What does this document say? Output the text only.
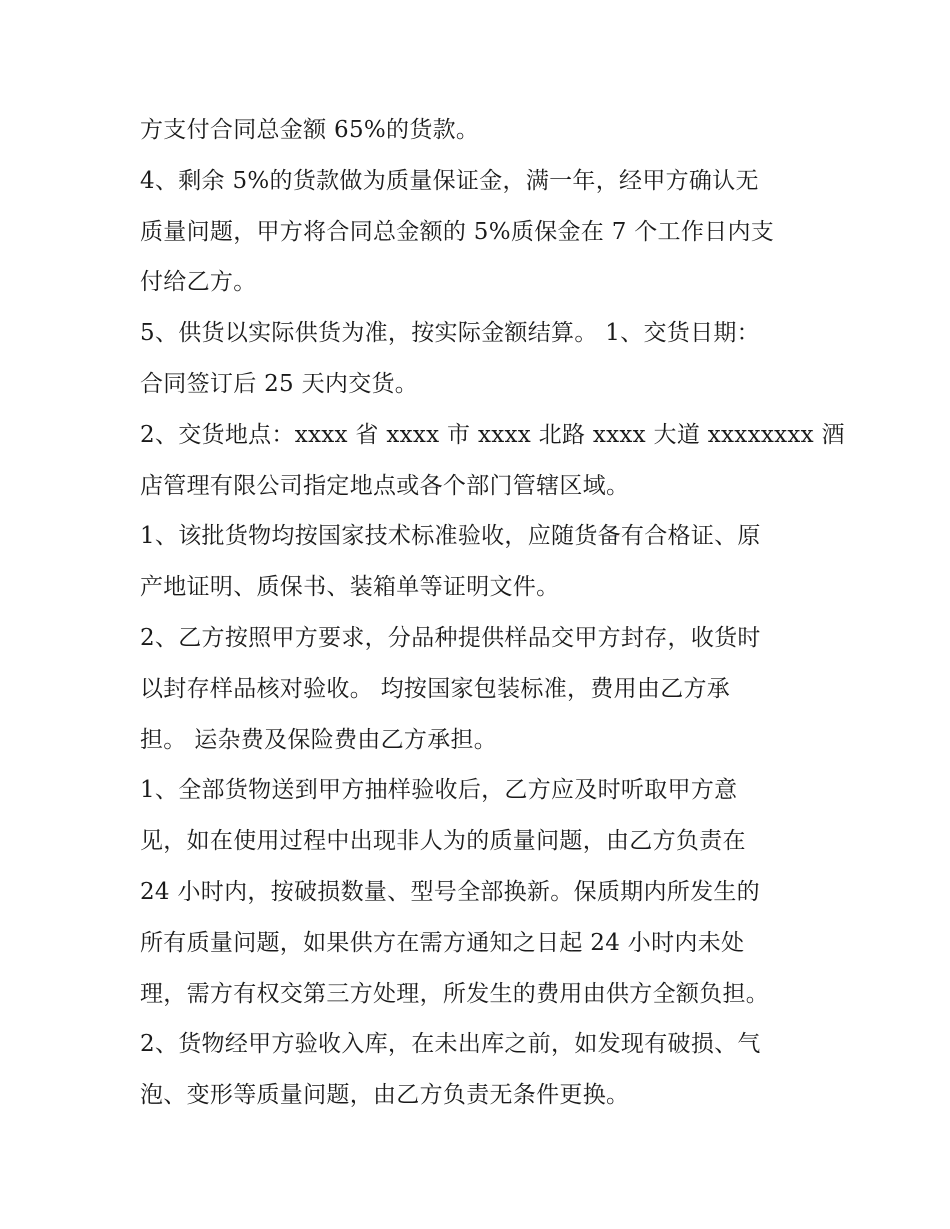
方支付合同总金额 65%的货款。
4、剩余 5%的货款做为质量保证金，满一年，经甲方确认无
质量问题，甲方将合同总金额的 5%质保金在 7 个工作日内支
付给乙方。
5、供货以实际供货为准，按实际金额结算。 1、交货日期：
合同签订后 25 天内交货。
2、交货地点：xxxx 省 xxxx 市 xxxx 北路 xxxx 大道 xxxxxxxx 酒
店管理有限公司指定地点或各个部门管辖区域。
1、该批货物均按国家技术标准验收，应随货备有合格证、原
产地证明、质保书、装箱单等证明文件。
2、乙方按照甲方要求，分品种提供样品交甲方封存，收货时
以封存样品核对验收。 均按国家包装标准，费用由乙方承
担。 运杂费及保险费由乙方承担。
1、全部货物送到甲方抽样验收后，乙方应及时听取甲方意
见，如在使用过程中出现非人为的质量问题，由乙方负责在
24 小时内，按破损数量、型号全部换新。保质期内所发生的
所有质量问题，如果供方在需方通知之日起 24 小时内未处
理，需方有权交第三方处理，所发生的费用由供方全额负担。
2、货物经甲方验收入库，在未出库之前，如发现有破损、气
泡、变形等质量问题，由乙方负责无条件更换。
